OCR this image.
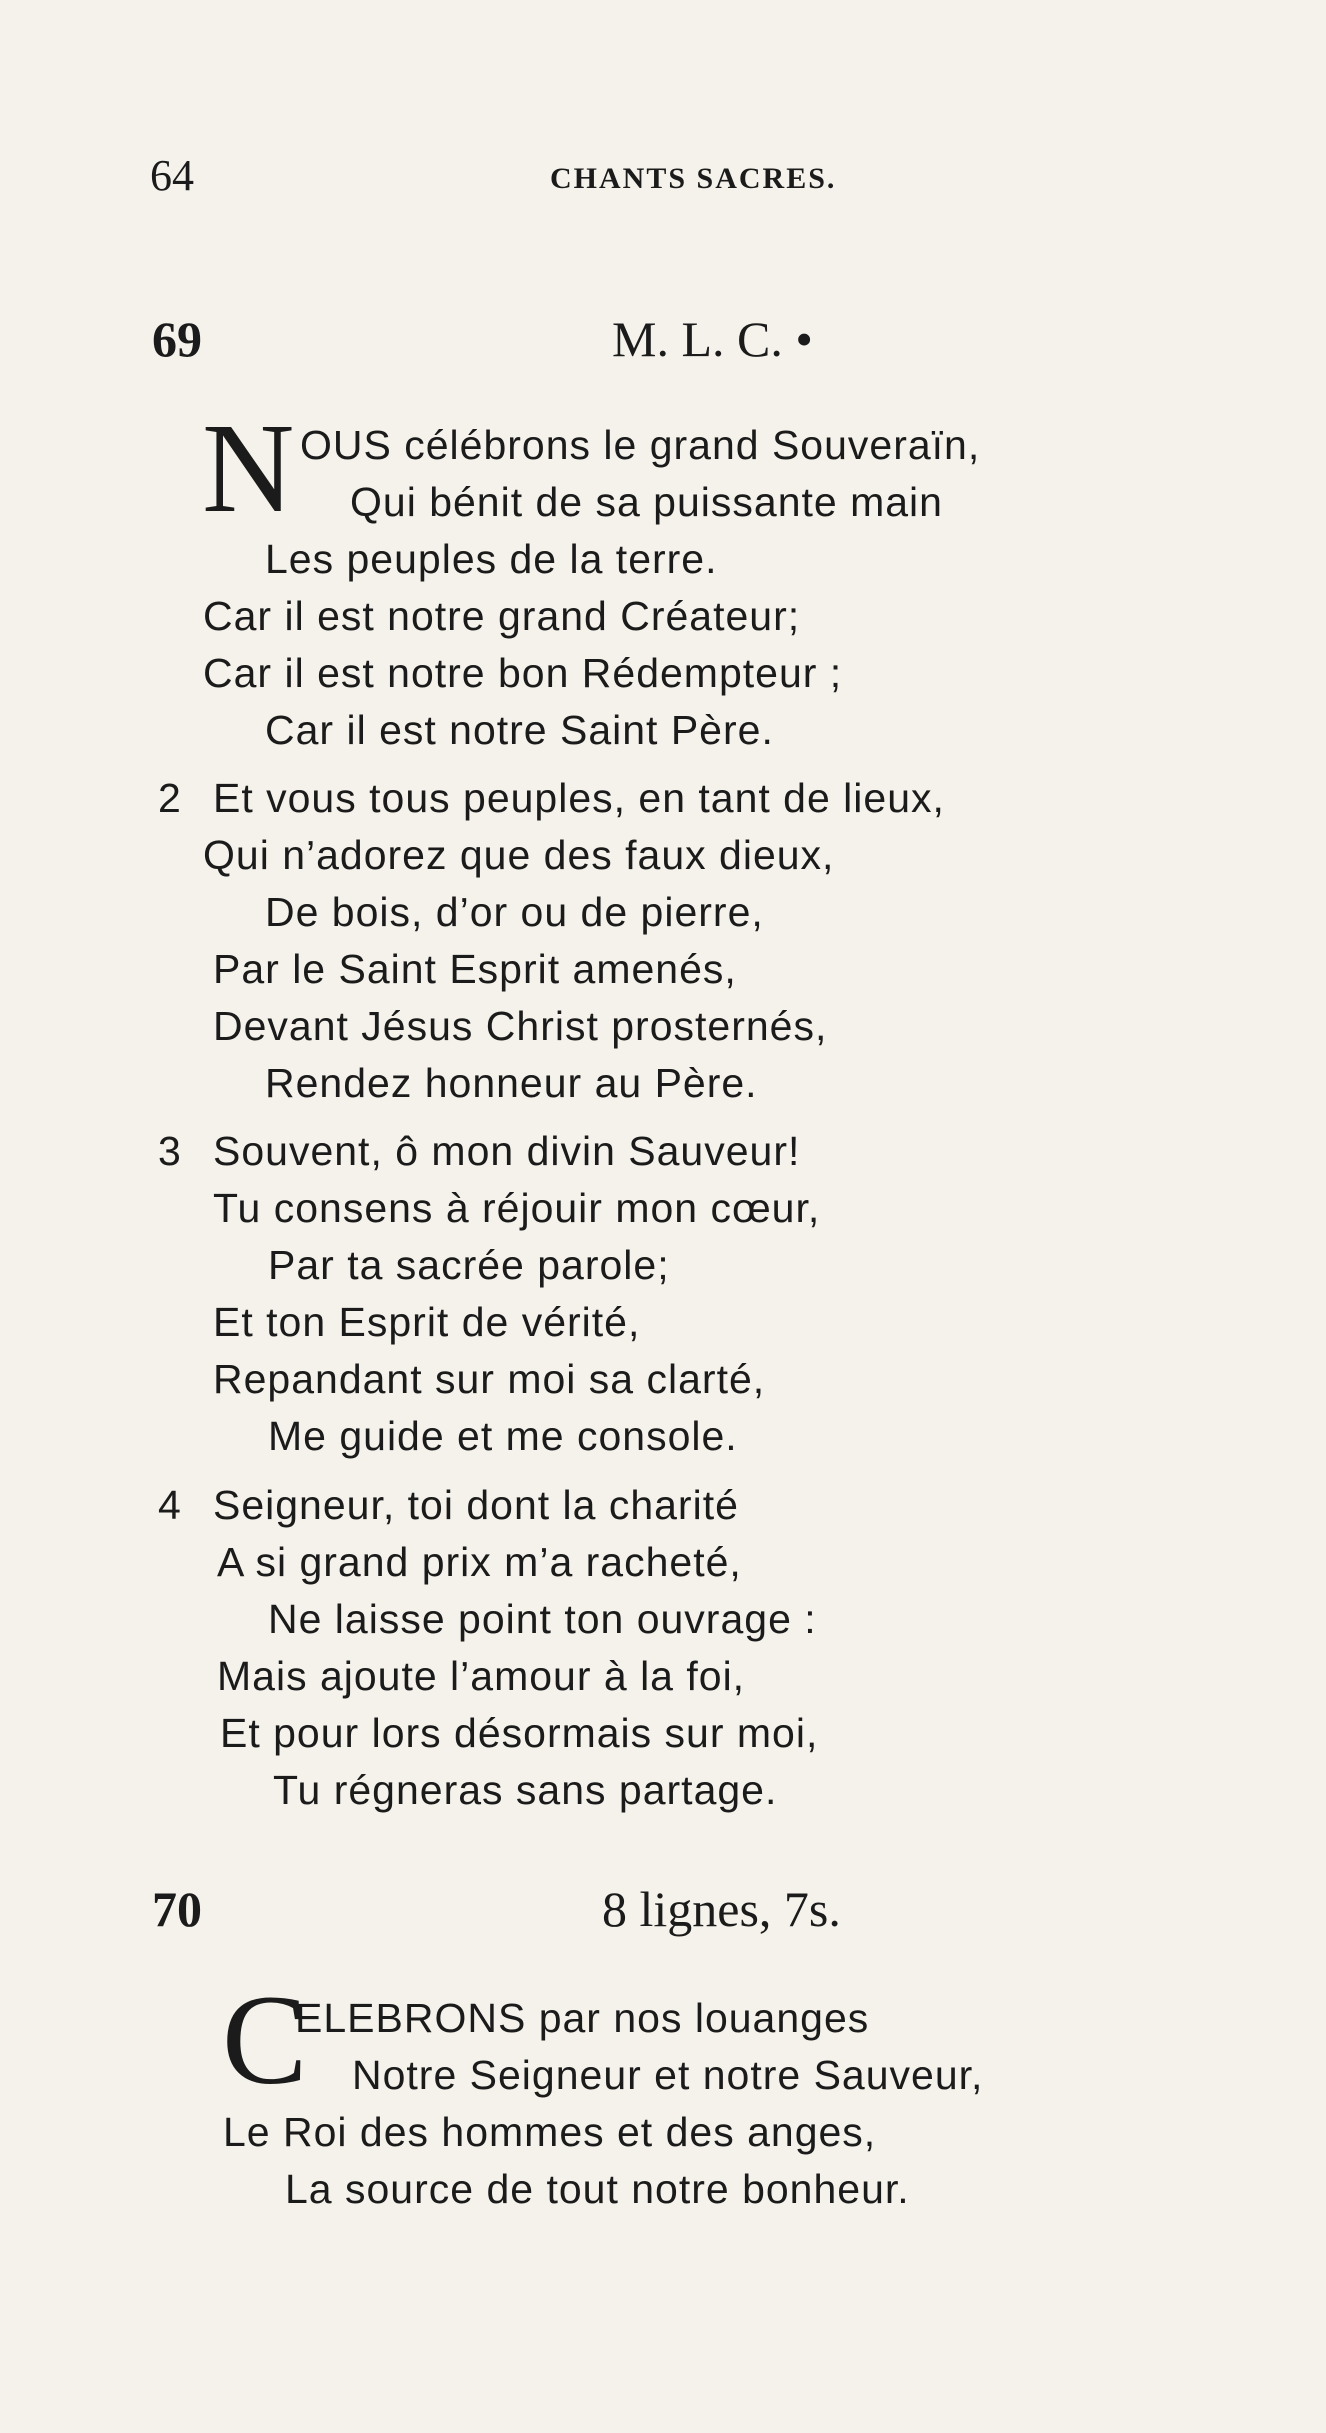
64	CHANTS SACRES.
69	M. L. C. •
N OUS célébrons le grand Souveraïn,
Qui bénit de sa puissante main
Les peuples de la terre.
Car il est notre grand Créateur;
Car il est notre bon Rédempteur ;
Car il est notre Saint Père.
2 Et vous tous peuples, en tant de lieux,
Qui n’adorez que des faux dieux,
De bois, d’or ou de pierre,
Par le Saint Esprit amenés,
Devant Jésus Christ prosternés,
Rendez honneur au Père.
3 Souvent, ô mon divin Sauveur!
Tu consens à réjouir mon cœur,
Par ta sacrée parole;
Et ton Esprit de vérité,
Repandant sur moi sa clarté,
Me guide et me console.
4 Seigneur, toi dont la charité
A si grand prix m’a racheté,
Ne laisse point ton ouvrage :
Mais ajoute l’amour à la foi,
Et pour lors désormais sur moi,
Tu régneras sans partage.
70	8 lignes, 7s.
C
ELEBRONS par nos louanges
Notre Seigneur et notre Sauveur,
Le Roi des hommes et des anges,
La source de tout notre bonheur.
